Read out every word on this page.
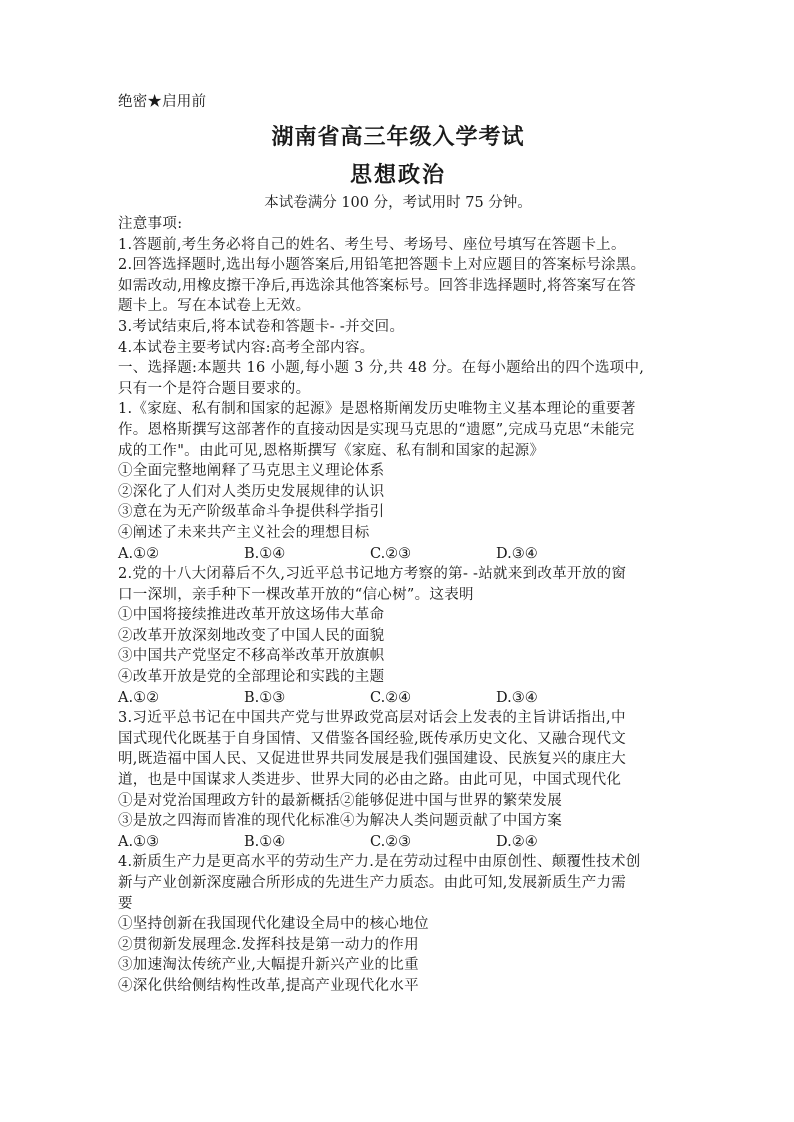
绝密★启用前
湖南省高三年级入学考试
思想政治
本试卷满分 100 分，考试用时 75 分钟。
注意事项:
1.答题前,考生务必将自己的姓名、考生号、考场号、座位号填写在答题卡上。
2.回答选择题时,选出每小题答案后,用铅笔把答题卡上对应题目的答案标号涂黑。
如需改动,用橡皮擦干净后,再选涂其他答案标号。回答非选择题时,将答案写在答
题卡上。写在本试卷上无效。
3.考试结束后,将本试卷和答题卡- -并交回。
4.本试卷主要考试内容:高考全部内容。
一、选择题:本题共 16 小题,每小题 3 分,共 48 分。在每小题给出的四个选项中,
只有一个是符合题目要求的。
1.《家庭、私有制和国家的起源》是恩格斯阐发历史唯物主义基本理论的重要著
作。恩格斯撰写这部著作的直接动因是实现马克思的“遗愿”,完成马克思“未能完
成的工作"。由此可见,恩格斯撰写《家庭、私有制和国家的起源》
①全面完整地阐释了马克思主义理论体系
②深化了人们对人类历史发展规律的认识
③意在为无产阶级革命斗争提供科学指引
④阐述了未来共产主义社会的理想目标
A.①②	B.①④	C.②③	D.③④
2.党的十八大闭幕后不久,习近平总书记地方考察的第- -站就来到改革开放的窗
口一深圳，亲手种下一棵改革开放的“信心树”。这表明
①中国将接续推进改革开放这场伟大革命
②改革开放深刻地改变了中国人民的面貌
③中国共产党坚定不移高举改革开放旗帜
④改革开放是党的全部理论和实践的主题
A.①②	B.①③	C.②④	D.③④
3.习近平总书记在中国共产党与世界政党高层对话会上发表的主旨讲话指出,中
国式现代化既基于自身国情、又借鉴各国经验,既传承历史文化、又融合现代文
明,既造福中国人民、又促进世界共同发展是我们强国建设、民族复兴的康庄大
道，也是中国谋求人类进步、世界大同的必由之路。由此可见，中国式现代化
①是对党治国理政方针的最新概括②能够促进中国与世界的繁荣发展
③是放之四海而皆准的现代化标准④为解决人类问题贡献了中国方案
A.①③	B.①④	C.②③	D.②④
4.新质生产力是更高水平的劳动生产力.是在劳动过程中由原创性、颠覆性技术创
新与产业创新深度融合所形成的先进生产力质态。由此可知,发展新质生产力需
要
①坚持创新在我国现代化建设全局中的核心地位
②贯彻新发展理念.发挥科技是第一动力的作用
③加速淘汰传统产业,大幅提升新兴产业的比重
④深化供给侧结构性改革,提高产业现代化水平
